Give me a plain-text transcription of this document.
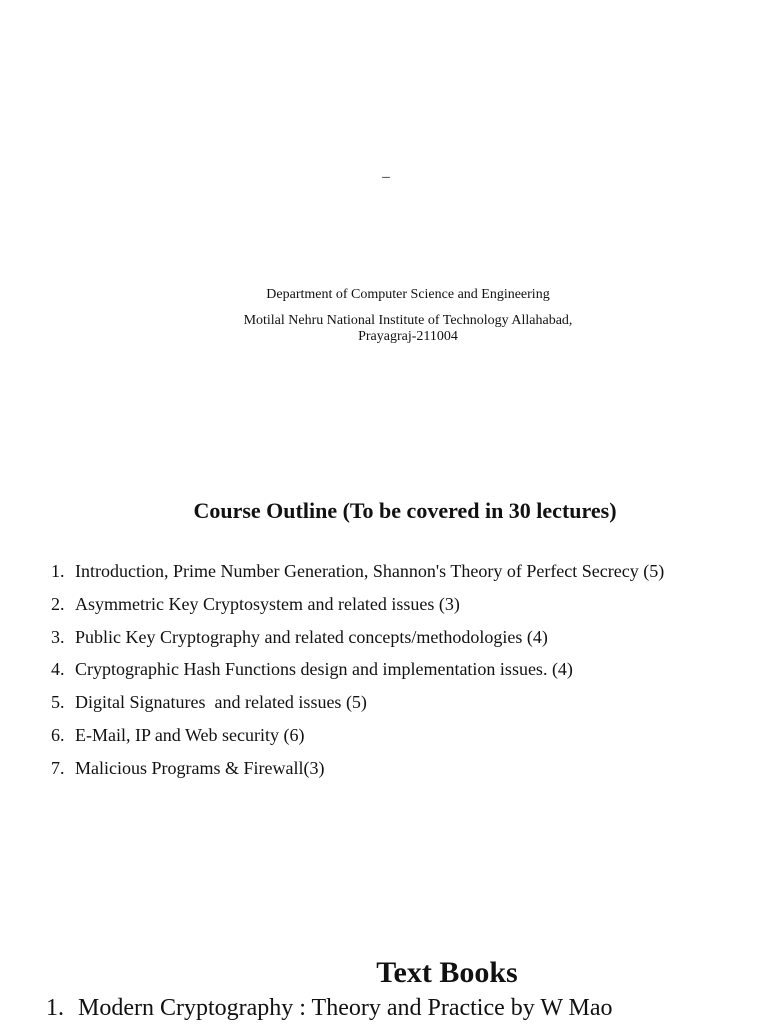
–
Department of Computer Science and Engineering
Motilal Nehru National Institute of Technology Allahabad,
Prayagraj-211004
Course Outline (To be covered in 30 lectures)
1. Introduction, Prime Number Generation, Shannon's Theory of Perfect Secrecy (5)
2. Asymmetric Key Cryptosystem and related issues (3)
3. Public Key Cryptography and related concepts/methodologies (4)
4. Cryptographic Hash Functions design and implementation issues. (4)
5. Digital Signatures  and related issues (5)
6. E-Mail, IP and Web security (6)
7. Malicious Programs & Firewall(3)
Text Books
1. Modern Cryptography : Theory and Practice by W Mao
